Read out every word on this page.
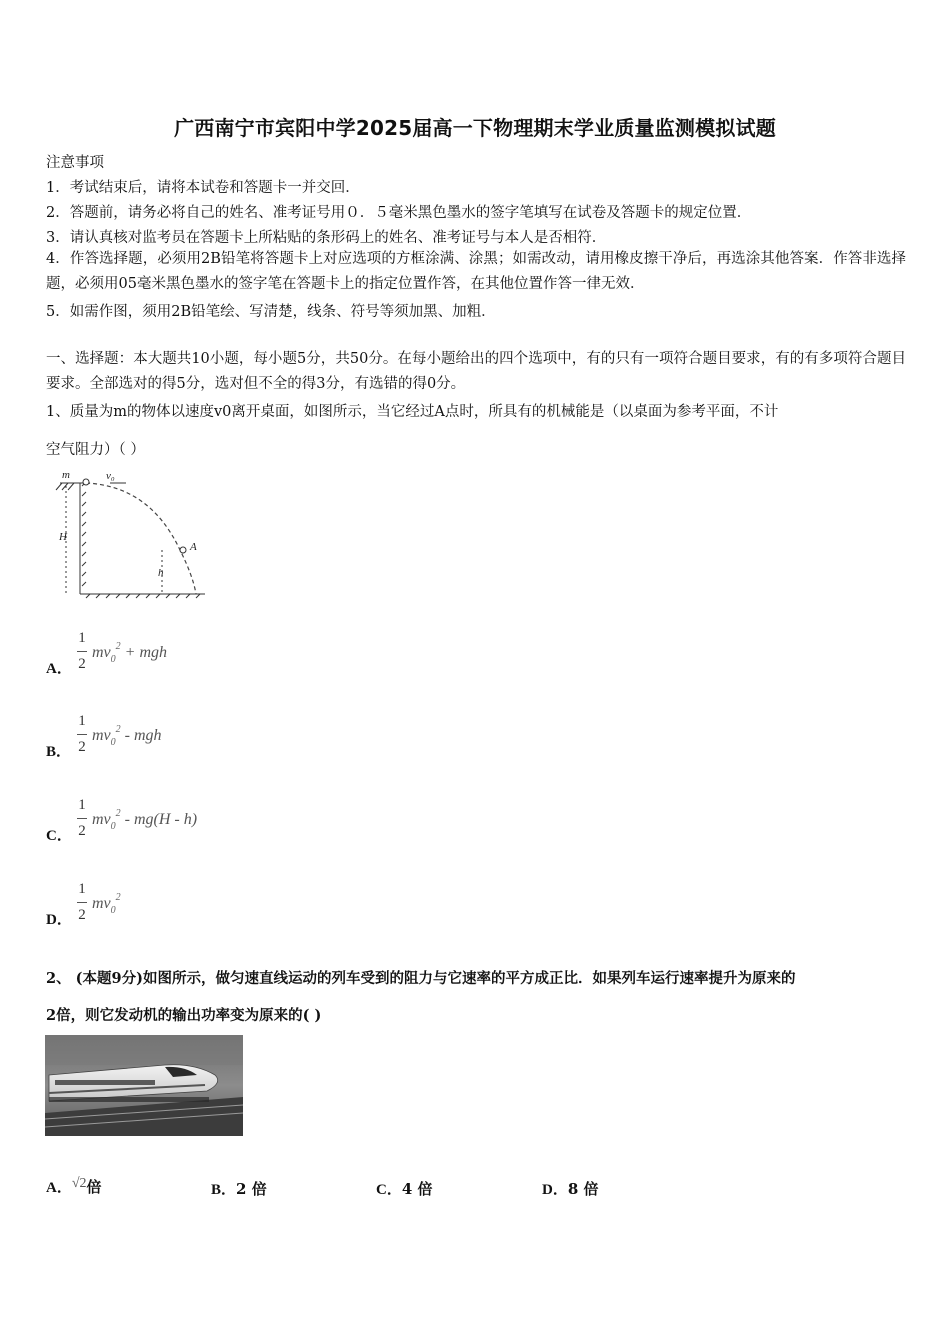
广西南宁市宾阳中学2025届高一下物理期末学业质量监测模拟试题
注意事项
1．考试结束后，请将本试卷和答题卡一并交回．
2．答题前，请务必将自己的姓名、准考证号用０．５毫米黑色墨水的签字笔填写在试卷及答题卡的规定位置．
3．请认真核对监考员在答题卡上所粘贴的条形码上的姓名、准考证号与本人是否相符．
4．作答选择题，必须用2B铅笔将答题卡上对应选项的方框涂满、涂黑；如需改动，请用橡皮擦干净后，再选涂其他答案．作答非选择题，必须用05毫米黑色墨水的签字笔在答题卡上的指定位置作答，在其他位置作答一律无效．
5．如需作图，须用2B铅笔绘、写清楚，线条、符号等须加黑、加粗．
一、选择题：本大题共10小题，每小题5分，共50分。在每小题给出的四个选项中，有的只有一项符合题目要求，有的有多项符合题目要求。全部选对的得5分，选对但不全的得3分，有选错的得0分。
1、质量为m的物体以速度v0离开桌面，如图所示，当它经过A点时，所具有的机械能是（以桌面为参考平面，不计
空气阻力）（ ）
m	v₀
H
A
h
A．
1
2
$mv_0^2$ + mgh
B．
1
2
$mv_0^2$ - mgh
C．
1
2
$mv_0^2 - mg(H - h)$
D．
1
2
$mv_0^2$
2、 (本题9分)如图所示，做匀速直线运动的列车受到的阻力与它速率的平方成正比．如果列车运行速率提升为原来的
2倍，则它发动机的输出功率变为原来的( )
A．√2倍	B．2 倍	C．4 倍	D．8 倍
